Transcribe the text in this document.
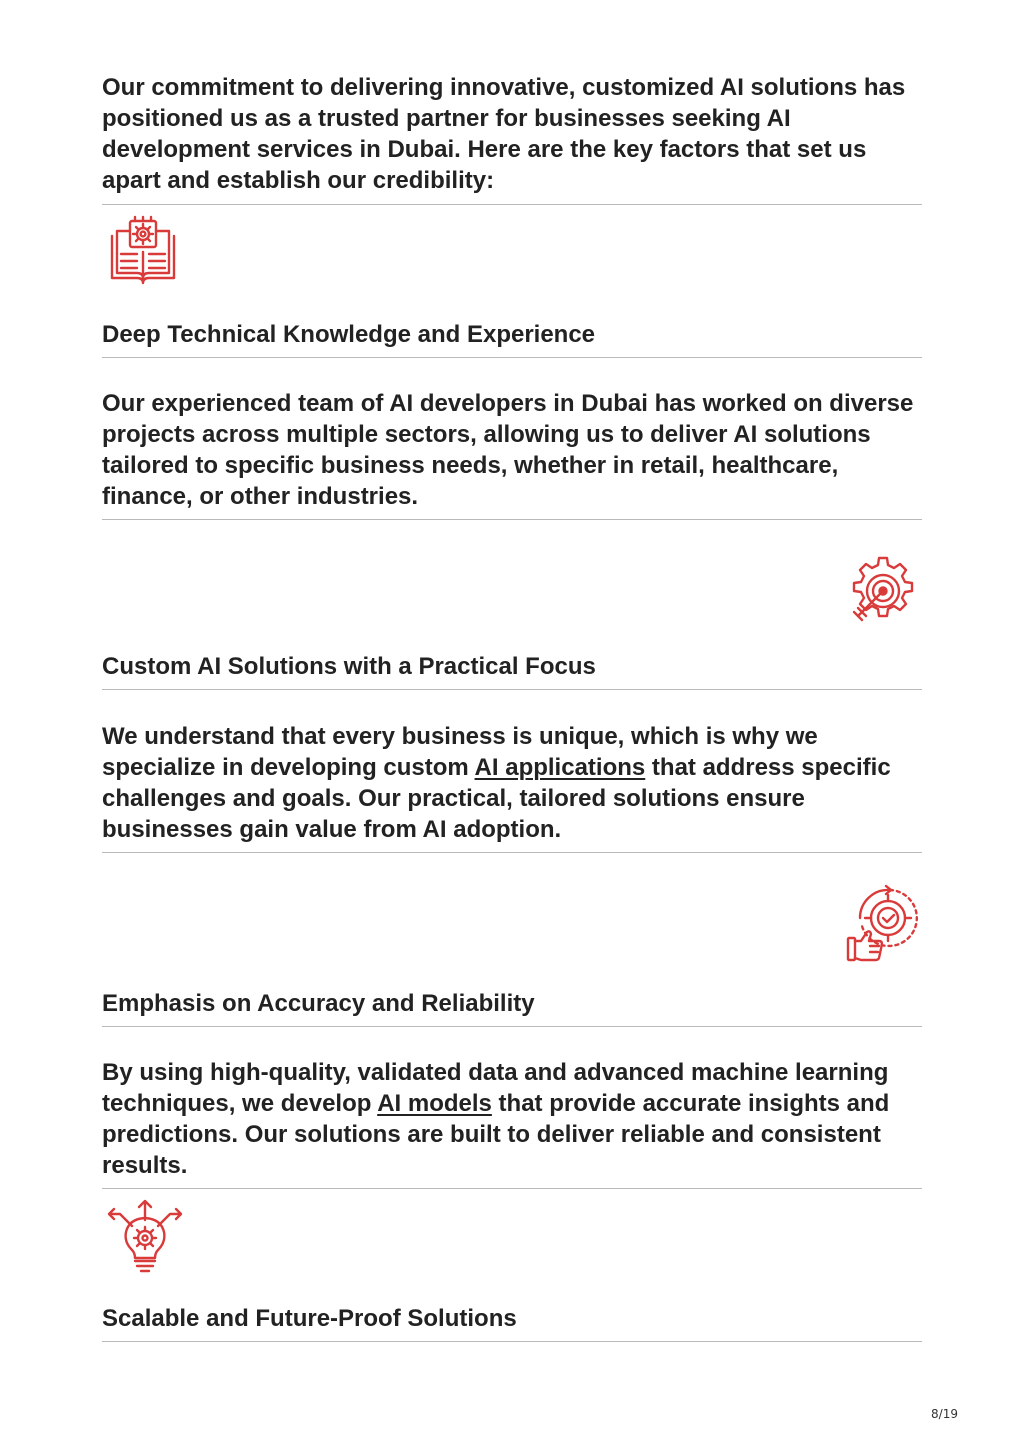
Our commitment to delivering innovative, customized AI solutions has positioned us as a trusted partner for businesses seeking AI development services in Dubai. Here are the key factors that set us apart and establish our credibility:

Deep Technical Knowledge and Experience

Our experienced team of AI developers in Dubai has worked on diverse projects across multiple sectors, allowing us to deliver AI solutions tailored to specific business needs, whether in retail, healthcare, finance, or other industries.

Custom AI Solutions with a Practical Focus

We understand that every business is unique, which is why we specialize in developing custom AI applications that address specific challenges and goals. Our practical, tailored solutions ensure businesses gain value from AI adoption.

Emphasis on Accuracy and Reliability

By using high-quality, validated data and advanced machine learning techniques, we develop AI models that provide accurate insights and predictions. Our solutions are built to deliver reliable and consistent results.

Scalable and Future-Proof Solutions

8/19
